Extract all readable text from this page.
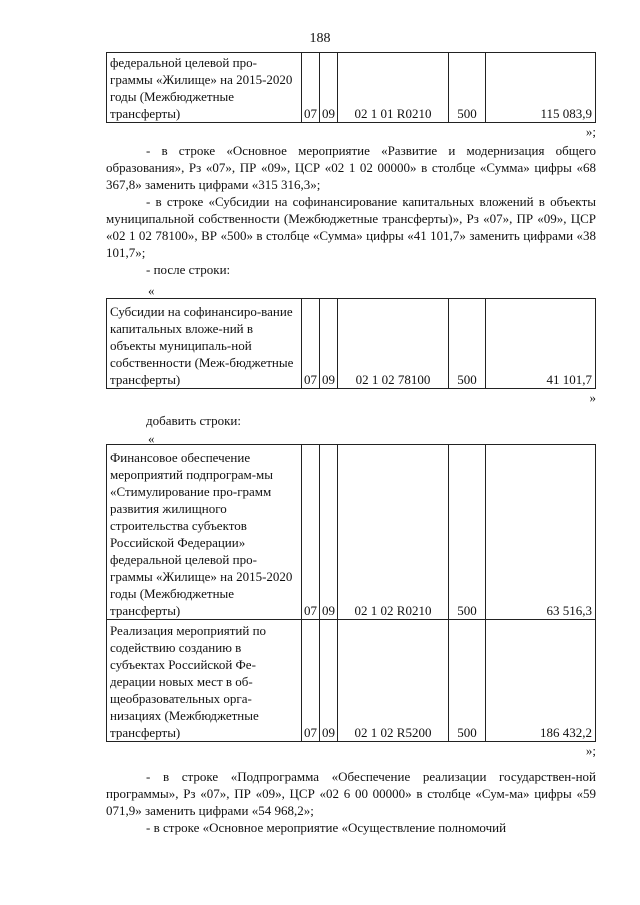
188
федеральной целевой про-граммы «Жилище» на 2015-2020 годы (Межбюджетные трансферты)	07	09	02 1 01 R0210	500	115 083,9
»;

- в строке «Основное мероприятие «Развитие и модернизация общего образования», Рз «07», ПР «09», ЦСР «02 1 02 00000» в столбце «Сумма» цифры «68 367,8» заменить цифрами «315 316,3»;

- в строке «Субсидии на софинансирование капитальных вложений в объекты муниципальной собственности (Межбюджетные трансферты)», Рз «07», ПР «09», ЦСР «02 1 02 78100», ВР «500» в столбце «Сумма» цифры «41 101,7» заменить цифрами «38 101,7»;

- после строки:

«
Субсидии на софинансиро-вание капитальных вложе-ний в объекты муниципаль-ной собственности (Меж-бюджетные трансферты)	07	09	02 1 02 78100	500	41 101,7
»
добавить строки:
«
Финансовое обеспечение мероприятий подпрограм-мы «Стимулирование про-грамм развития жилищного строительства субъектов Российской Федерации» федеральной целевой про-граммы «Жилище» на 2015-2020 годы (Межбюджетные трансферты)	07	09	02 1 02 R0210	500	63 516,3
Реализация мероприятий по содействию созданию в субъектах Российской Фе-дерации новых мест в об-щеобразовательных орга-низациях (Межбюджетные трансферты)	07	09	02 1 02 R5200	500	186 432,2
»;

- в строке «Подпрограмма «Обеспечение реализации государствен-ной программы», Рз «07», ПР «09», ЦСР «02 6 00 00000» в столбце «Сум-ма» цифры «59 071,9» заменить цифрами «54 968,2»;

- в строке «Основное мероприятие «Осуществление полномочий
